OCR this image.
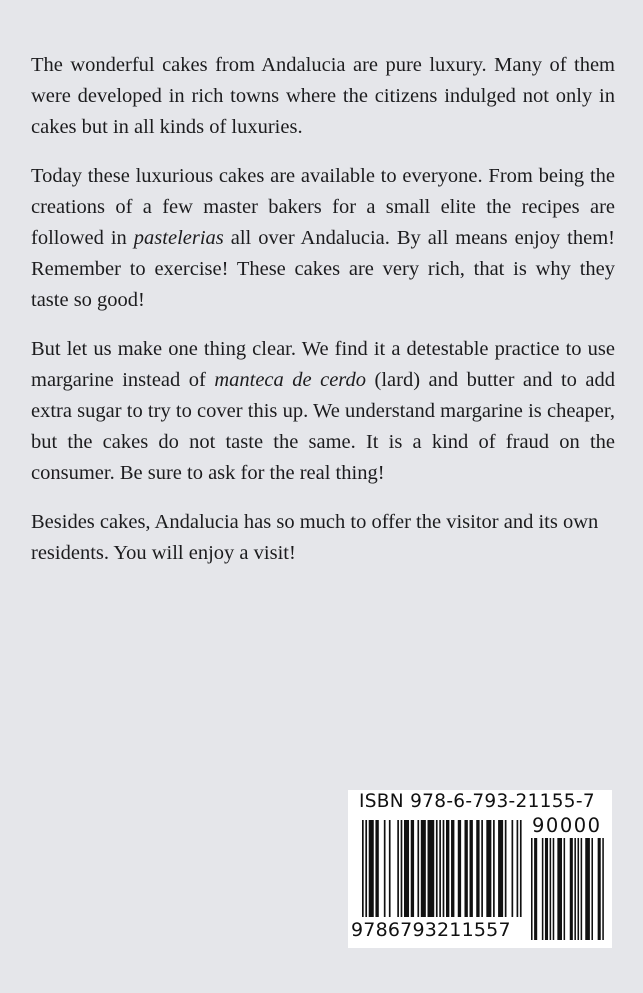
The wonderful cakes from Andalucia are pure luxury. Many of them were developed in rich towns where the citizens indulged not only in cakes but in all kinds of luxuries.

Today these luxurious cakes are available to everyone. From being the creations of a few master bakers for a small elite the recipes are followed in pastelerias all over Andalucia. By all means enjoy them! Remember to exercise! These cakes are very rich, that is why they taste so good!

But let us make one thing clear. We find it a detestable practice to use margarine instead of manteca de cerdo (lard) and butter and to add extra sugar to try to cover this up. We understand margarine is cheaper, but the cakes do not taste the same. It is a kind of fraud on the consumer. Be sure to ask for the real thing!

Besides cakes, Andalucia has so much to offer the visitor and its own residents. You will enjoy a visit!

ISBN 978-6-793-21155-7
90000
9786793211557
